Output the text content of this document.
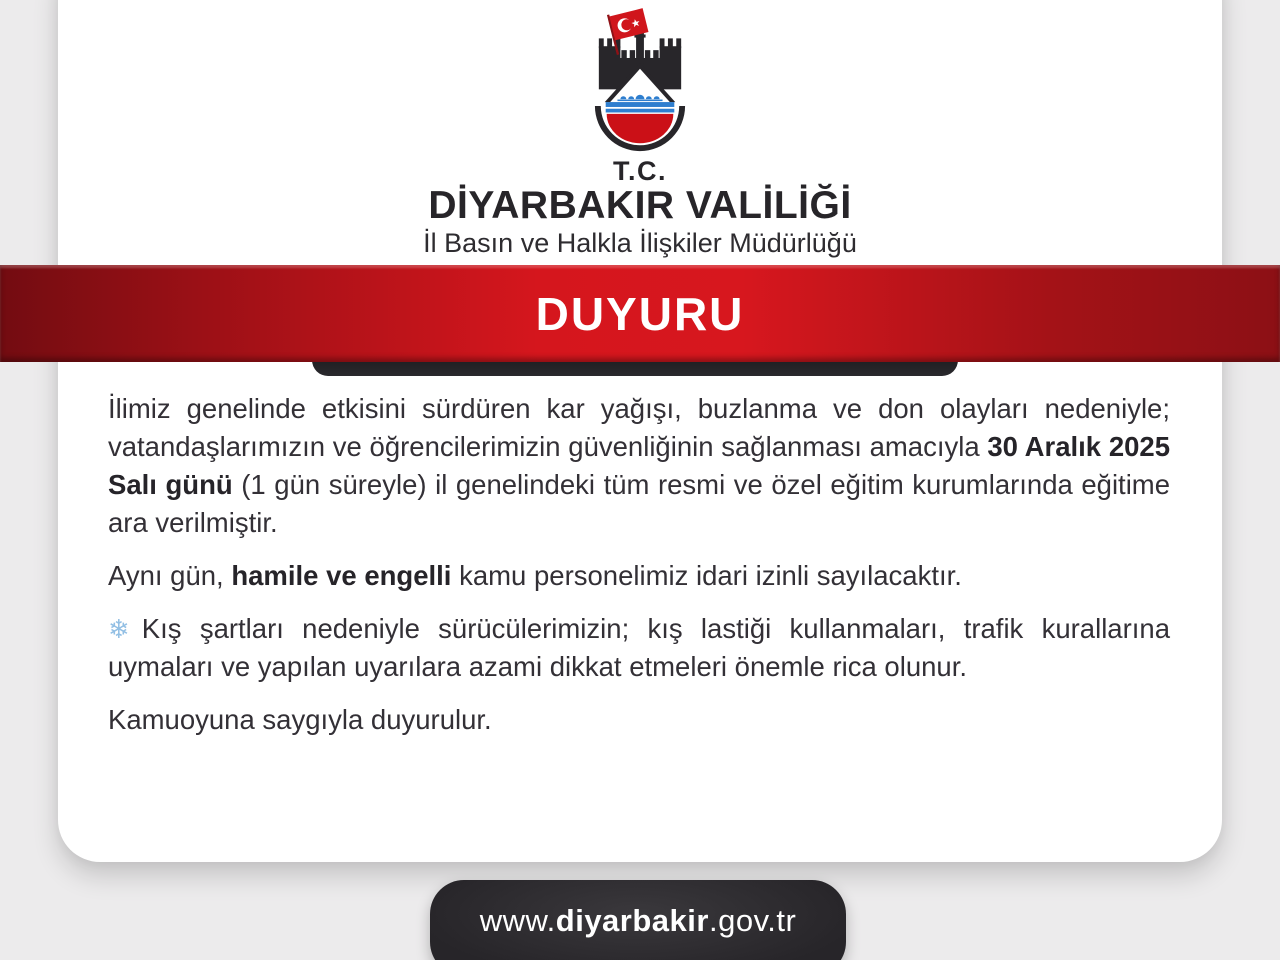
T.C.
DİYARBAKIR VALİLİĞİ
İl Basın ve Halkla İlişkiler Müdürlüğü
DUYURU

İlimiz genelinde etkisini sürdüren kar yağışı, buzlanma ve don olayları nedeniyle; vatandaşlarımızın ve öğrencilerimizin güvenliğinin sağlanması amacıyla 30 Aralık 2025 Salı günü (1 gün süreyle) il genelindeki tüm resmi ve özel eğitim kurumlarında eğitime ara verilmiştir.

Aynı gün, hamile ve engelli kamu personelimiz idari izinli sayılacaktır.

❄ Kış şartları nedeniyle sürücülerimizin; kış lastiği kullanmaları, trafik kurallarına uymaları ve yapılan uyarılara azami dikkat etmeleri önemle rica olunur.

Kamuoyuna saygıyla duyurulur.

www.diyarbakir.gov.tr
